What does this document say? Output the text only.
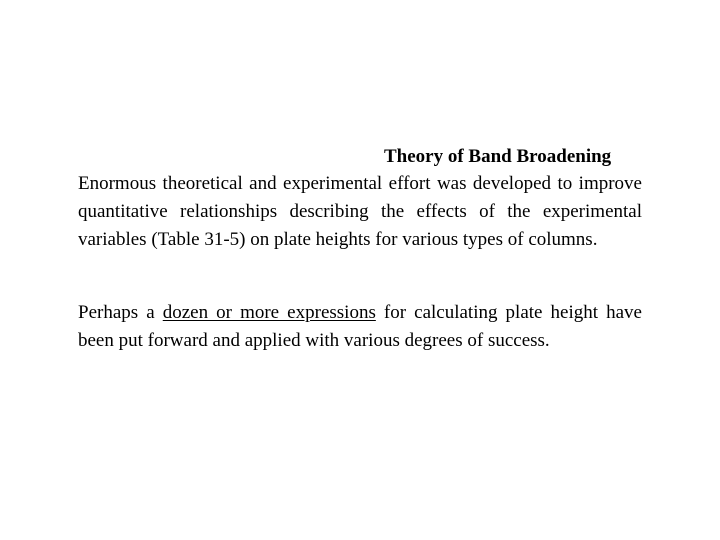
Theory of Band Broadening
Enormous theoretical and experimental effort was developed to improve quantitative relationships describing the effects of the experimental variables (Table 31-5) on plate heights for various types of columns.
Perhaps a dozen or more expressions for calculating plate height have been put forward and applied with various degrees of success.
